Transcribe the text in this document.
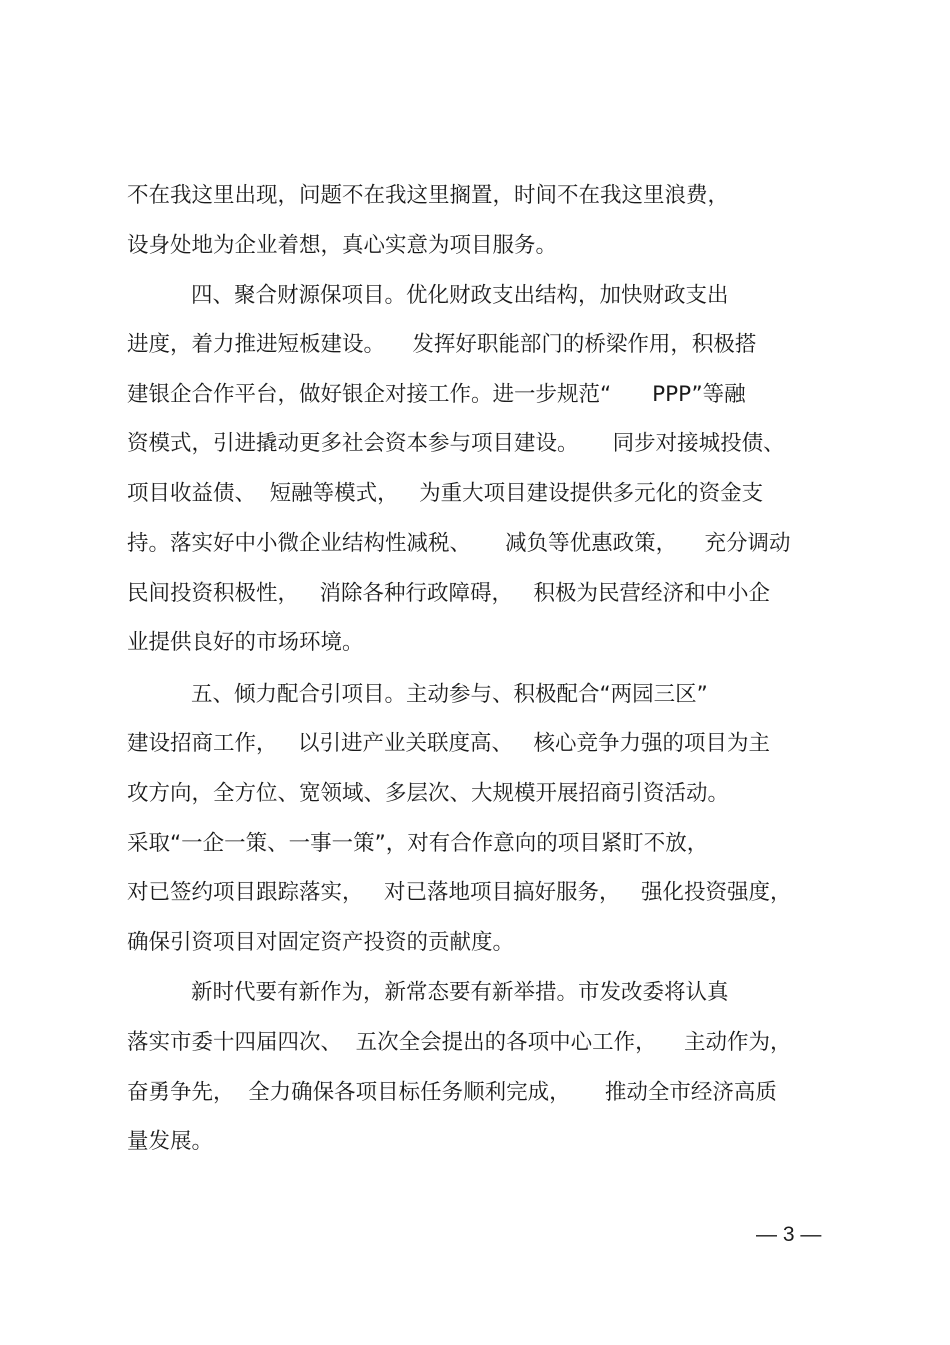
不在我这里出现，问题不在我这里搁置，时间不在我这里浪费，
设身处地为企业着想，真心实意为项目服务。
四、聚合财源保项目。优化财政支出结构，加快财政支出
进度，着力推进短板建设。    发挥好职能部门的桥梁作用，积极搭
建银企合作平台，做好银企对接工作。进一步规范“      PPP”等融
资模式，引进撬动更多社会资本参与项目建设。     同步对接城投债、
项目收益债、  短融等模式，   为重大项目建设提供多元化的资金支
持。落实好中小微企业结构性减税、     减负等优惠政策，    充分调动
民间投资积极性，   消除各种行政障碍，   积极为民营经济和中小企
业提供良好的市场环境。
五、倾力配合引项目。主动参与、积极配合“两园三区”
建设招商工作，   以引进产业关联度高、   核心竞争力强的项目为主
攻方向，全方位、宽领域、多层次、大规模开展招商引资活动。
采取“一企一策、一事一策”，对有合作意向的项目紧盯不放，
对已签约项目跟踪落实，   对已落地项目搞好服务，   强化投资强度，
确保引资项目对固定资产投资的贡献度。
新时代要有新作为，新常态要有新举措。市发改委将认真
落实市委十四届四次、  五次全会提出的各项中心工作，    主动作为，
奋勇争先，  全力确保各项目标任务顺利完成，     推动全市经济高质
量发展。
— 3 —
